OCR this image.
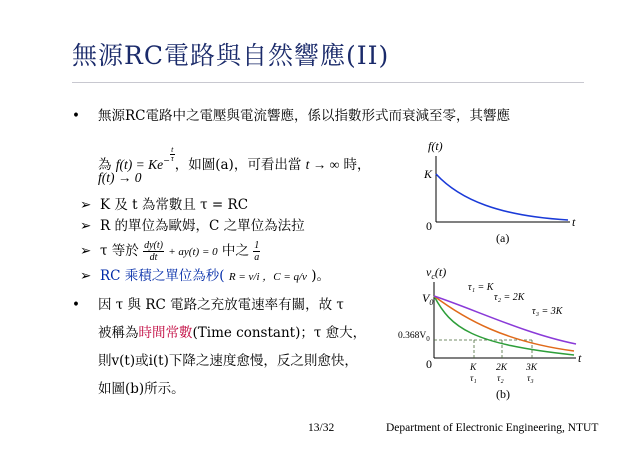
無源RC電路與自然響應(II)
• 無源RC電路中之電壓與電流響應，係以指數形式而衰減至零，其響應
為 $f(t) = Ke - \frac{t}{\tau}$
，如圖(a)，可看出當 t → ∞ 時，
f(t) → 0
➢ K 及 t 為常數且 τ = RC
➢ R 的單位為歐姆，C 之單位為法拉
➢ τ 等於 $\frac{dy(t)}{dt} + ay(t) = 0$ 中之 $\frac{1}{a}$
➢ RC 乘積之單位為秒( R = v/i ，C = q/v )。
• 因 τ 與 RC 電路之充放電速率有關，故 τ
被稱為時間常數(Time constant)；τ 愈大，
則v(t)或i(t)下降之速度愈慢，反之則愈快，
如圖(b)所示。
f(t)
K
0	t
(a)
$v_c(t)$
$V_0$
$0.368V_0$
0	t
τ₁ = K
τ₂ = 2K
τ₃ = 3K
K
τ₁
2K
τ₂
3K
τ₃
(b)
13/32	Department of Electronic Engineering, NTUT
